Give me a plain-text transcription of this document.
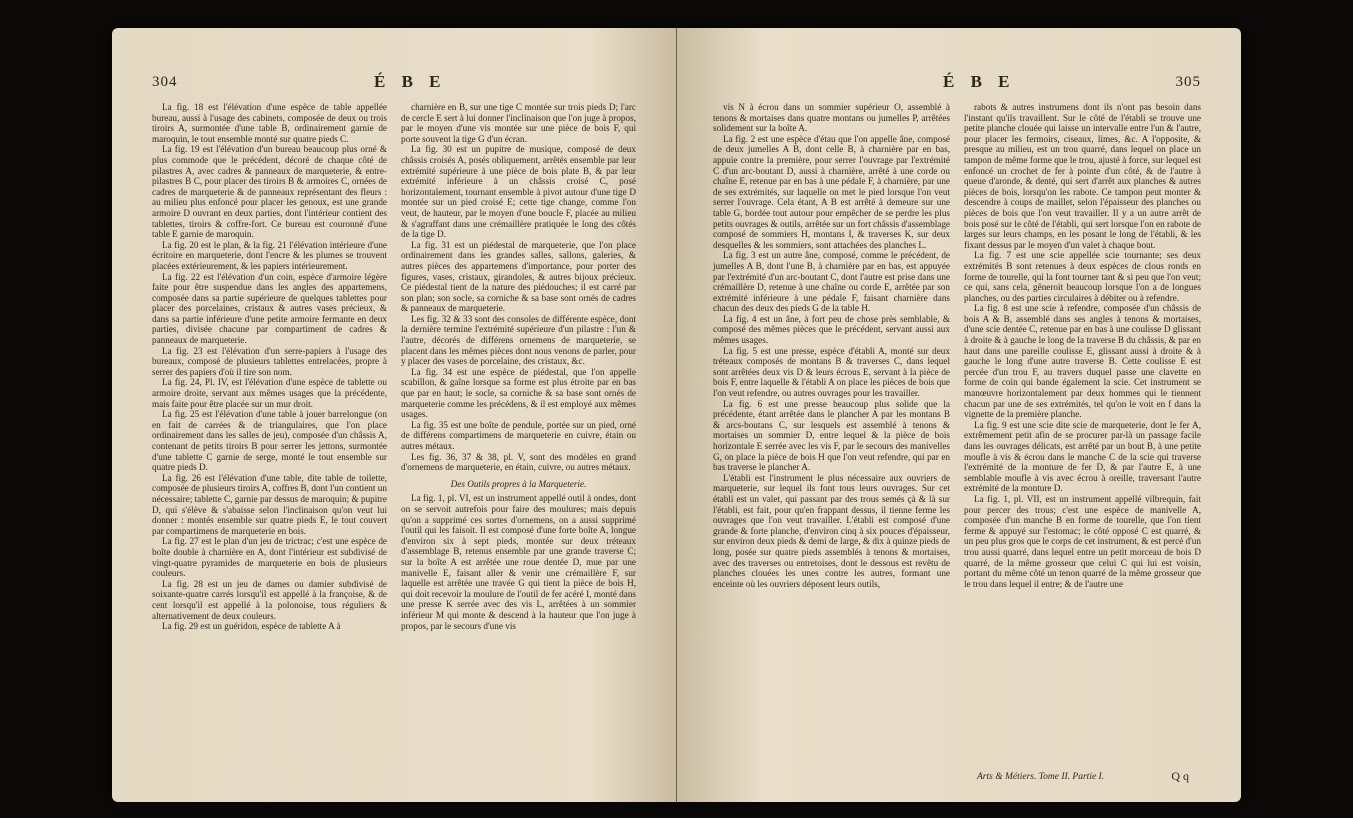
304	É B E

La fig. 18 est l'élévation d'une espèce de table appellée bureau, aussi à l'usage des cabinets, composée de deux ou trois tiroirs A, surmontée d'une table B, ordinairement garnie de maroquin, le tout ensemble monté sur quatre pieds C.

La fig. 19 est l'élévation d'un bureau beaucoup plus orné & plus commode que le précédent, décoré de chaque côté de pilastres A, avec cadres & panneaux de marqueterie, & entre-pilastres B C, pour placer des tiroirs B & armoires C, ornées de cadres de marqueterie & de panneaux représentant des fleurs : au milieu plus enfoncé pour placer les genoux, est une grande armoire D ouvrant en deux parties, dont l'intérieur contient des tablettes, tiroirs & coffre-fort. Ce bureau est couronné d'une table E garnie de maroquin.

La fig. 20 est le plan, & la fig. 21 l'élévation intérieure d'une écritoire en marqueterie, dont l'encre & les plumes se trouvent placées extérieurement, & les papiers intérieurement.

La fig. 22 est l'élévation d'un coin, espèce d'armoire légère faite pour être suspendue dans les angles des appartemens, composée dans sa partie supérieure de quelques tablettes pour placer des porcelaines, cristaux & autres vases précieux, & dans sa partie inférieure d'une petite armoire fermante en deux parties, divisée chacune par compartiment de cadres & panneaux de marqueterie.

La fig. 23 est l'élévation d'un serre-papiers à l'usage des bureaux, composé de plusieurs tablettes entrelacées, propre à serrer des papiers d'où il tire son nom.

La fig. 24, Pl. IV, est l'élévation d'une espèce de tablette ou armoire droite, servant aux mêmes usages que la précédente, mais faite pour être placée sur un mur droit.

La fig. 25 est l'élévation d'une table à jouer barrelongue (on en fait de carrées & de triangulaires, que l'on place ordinairement dans les salles de jeu), composée d'un châssis A, contenant de petits tiroirs B pour serrer les jettons, surmontée d'une tablette C garnie de serge, monté le tout ensemble sur quatre pieds D.

La fig. 26 est l'élévation d'une table, dite table de toilette, composée de plusieurs tiroirs A, coffres B, dont l'un contient un nécessaire; tablette C, garnie par dessus de maroquin; & pupitre D, qui s'élève & s'abaisse selon l'inclinaison qu'on veut lui donner : montés ensemble sur quatre pieds E, le tout couvert par compartimens de marqueterie en bois.

La fig. 27 est le plan d'un jeu de trictrac; c'est une espèce de boîte double à charnière en A, dont l'intérieur est subdivisé de vingt-quatre pyramides de marqueterie en bois de plusieurs couleurs.

La fig. 28 est un jeu de dames ou damier subdivisé de soixante-quatre carrés lorsqu'il est appellé à la françoise, & de cent lorsqu'il est appellé à la polonoise, tous réguliers & alternativement de deux couleurs.

La fig. 29 est un guéridon, espèce de tablette A à

charnière en B, sur une tige C montée sur trois pieds D; l'arc de cercle E sert à lui donner l'inclinaison que l'on juge à propos, par le moyen d'une vis montée sur une pièce de bois F, qui porte souvent la tige G d'un écran.

La fig. 30 est un pupitre de musique, composé de deux châssis croisés A, posés obliquement, arrêtés ensemble par leur extrémité supérieure à une pièce de bois plate B, & par leur extrémité inférieure à un châssis croisé C, posé horizontalement, tournant ensemble à pivot autour d'une tige D montée sur un pied croisé E; cette tige change, comme l'on veut, de hauteur, par le moyen d'une boucle F, placée au milieu & s'agraffant dans une crémaillère pratiquée le long des côtés de la tige D.

La fig. 31 est un piédestal de marqueterie, que l'on place ordinairement dans les grandes salles, sallons, galeries, & autres pièces des appartemens d'importance, pour porter des figures, vases, cristaux, girandoles, & autres bijoux précieux. Ce piédestal tient de la nature des piédouches; il est carré par son plan; son socle, sa corniche & sa base sont ornés de cadres & panneaux de marqueterie.

Les fig. 32 & 33 sont des consoles de différente espèce, dont la dernière termine l'extrémité supérieure d'un pilastre : l'un & l'autre, décorés de différens ornemens de marqueterie, se placent dans les mêmes pièces dont nous venons de parler, pour y placer des vases de porcelaine, des cristaux, &c.

La fig. 34 est une espèce de piédestal, que l'on appelle scabillon, & gaîne lorsque sa forme est plus étroite par en bas que par en haut; le socle, sa corniche & sa base sont ornés de marqueterie comme les précédens, & il est employé aux mêmes usages.

La fig. 35 est une boîte de pendule, portée sur un pied, orné de différens compartimens de marqueterie en cuivre, étain ou autres métaux.

Les fig. 36, 37 & 38, pl. V, sont des modèles en grand d'ornemens de marqueterie, en étain, cuivre, ou autres métaux.

Des Outils propres à la Marqueterie.

La fig. 1, pl. VI, est un instrument appellé outil à ondes, dont on se servoit autrefois pour faire des moulures; mais depuis qu'on a supprimé ces sortes d'ornemens, on a aussi supprimé l'outil qui les faisoit. Il est composé d'une forte boîte A, longue d'environ six à sept pieds, montée sur deux tréteaux d'assemblage B, retenus ensemble par une grande traverse C; sur la boîte A est arrêtée une roue dentée D, mue par une manivelle E, faisant aller & venir une crémaillère F, sur laquelle est arrêtée une travée G qui tient la pièce de bois H, qui doit recevoir la moulure de l'outil de fer acéré I, monté dans une presse K serrée avec des vis L, arrêtées à un sommier inférieur M qui monte & descend à la hauteur que l'on juge à propos, par le secours d'une vis

É B E	305

vis N à écrou dans un sommier supérieur O, assemblé à tenons & mortaises dans quatre montans ou jumelles P, arrêtées solidement sur la boîte A.

La fig. 2 est une espèce d'étau que l'on appelle âne, composé de deux jumelles A B, dont celle B, à charnière par en bas, appuie contre la première, pour serrer l'ouvrage par l'extrémité C d'un arc-boutant D, aussi à charnière, arrêté à une corde ou chaîne E, retenue par en bas à une pédale F, à charnière, par une de ses extrémités, sur laquelle on met le pied lorsque l'on veut serrer l'ouvrage. Cela étant, A B est arrêté à demeure sur une table G, bordée tout autour pour empêcher de se perdre les plus petits ouvrages & outils, arrêtée sur un fort châssis d'assemblage composé de sommiers H, montans I, & traverses K, sur deux desquelles & les sommiers, sont attachées des planches L.

La fig. 3 est un autre âne, composé, comme le précédent, de jumelles A B, dont l'une B, à charnière par en bas, est appuyée par l'extrémité d'un arc-boutant C, dont l'autre est prise dans une crémaillère D, retenue à une chaîne ou corde E, arrêtée par son extrémité inférieure à une pédale F, faisant charnière dans chacun des deux des pieds G de la table H.

La fig. 4 est un âne, à fort peu de chose près semblable, & composé des mêmes pièces que le précédent, servant aussi aux mêmes usages.

La fig. 5 est une presse, espèce d'établi A, monté sur deux tréteaux composés de montans B & traverses C, dans lequel sont arrêtées deux vis D & leurs écrous E, servant à la pièce de bois F, entre laquelle & l'établi A on place les pièces de bois que l'on veut refendre, ou autres ouvrages pour les travailler.

La fig. 6 est une presse beaucoup plus solide que la précédente, étant arrêtée dans le plancher A par les montans B & arcs-boutans C, sur lesquels est assemblé à tenons & mortaises un sommier D, entre lequel & la pièce de bois horizontale E serrée avec les vis F, par le secours des manivelles G, on place la pièce de bois H que l'on veut refendre, qui par en bas traverse le plancher A.

L'établi est l'instrument le plus nécessaire aux ouvriers de marqueterie, sur lequel ils font tous leurs ouvrages. Sur cet établi est un valet, qui passant par des trous semés çà & là sur l'établi, est fait, pour qu'en frappant dessus, il tienne ferme les ouvrages que l'on veut travailler. L'établi est composé d'une grande & forte planche, d'environ cinq à six pouces d'épaisseur, sur environ deux pieds & demi de large, & dix à quinze pieds de long, posée sur quatre pieds assemblés à tenons & mortaises, avec des traverses ou entretoises, dont le dessous est revêtu de planches clouées les unes contre les autres, formant une enceinte où les ouvriers déposent leurs outils,

rabots & autres instrumens dont ils n'ont pas besoin dans l'instant qu'ils travaillent. Sur le côté de l'établi se trouve une petite planche clouée qui laisse un intervalle entre l'un & l'autre, pour placer les fermoirs, ciseaux, limes, &c. A l'opposite, & presque au milieu, est un trou quarré, dans lequel on place un tampon de même forme que le trou, ajusté à force, sur lequel est enfoncé un crochet de fer à pointe d'un côté, & de l'autre à queue d'aronde, & denté, qui sert d'arrêt aux planches & autres pièces de bois, lorsqu'on les rabote. Ce tampon peut monter & descendre à coups de maillet, selon l'épaisseur des planches ou pièces de bois que l'on veut travailler. Il y a un autre arrêt de bois posé sur le côté de l'établi, qui sert lorsque l'on en rabote de larges sur leurs champs, en les posant le long de l'établi, & les fixant dessus par le moyen d'un valet à chaque bout.

La fig. 7 est une scie appellée scie tournante; ses deux extrémités B sont retenues à deux espèces de clous ronds en forme de tourelle, qui la font tourner tant & si peu que l'on veut; ce qui, sans cela, gêneroit beaucoup lorsque l'on a de longues planches, ou des parties circulaires à débiter ou à refendre.

La fig. 8 est une scie à refendre, composée d'un châssis de bois A & B, assemblé dans ses angles à tenons & mortaises, d'une scie dentée C, retenue par en bas à une coulisse D glissant à droite & à gauche le long de la traverse B du châssis, & par en haut dans une pareille coulisse E, glissant aussi à droite & à gauche le long d'une autre traverse B. Cette coulisse E est percée d'un trou F, au travers duquel passe une clavette en forme de coin qui bande également la scie. Cet instrument se manœuvre horizontalement par deux hommes qui le tiennent chacun par une de ses extrémités, tel qu'on le voit en f dans la vignette de la première planche.

La fig. 9 est une scie dite scie de marqueterie, dont le fer A, extrêmement petit afin de se procurer par-là un passage facile dans les ouvrages délicats, est arrêté par un bout B, à une petite moufle à vis & écrou dans le manche C de la scie qui traverse l'extrémité de la monture de fer D, & par l'autre E, à une semblable moufle à vis avec écrou à oreille, traversant l'autre extrémité de la monture D.

La fig. 1, pl. VII, est un instrument appellé vilbrequin, fait pour percer des trous; c'est une espèce de manivelle A, composée d'un manche B en forme de tourelle, que l'on tient ferme & appuyé sur l'estomac; le côté opposé C est quarré, & un peu plus gros que le corps de cet instrument, & est percé d'un trou aussi quarré, dans lequel entre un petit morceau de bois D quarré, de la même grosseur que celui C qui lui est voisin, portant du même côté un tenon quarré de la même grosseur que le trou dans lequel il entre; & de l'autre une

Arts & Métiers. Tome II. Partie I.	Q q
